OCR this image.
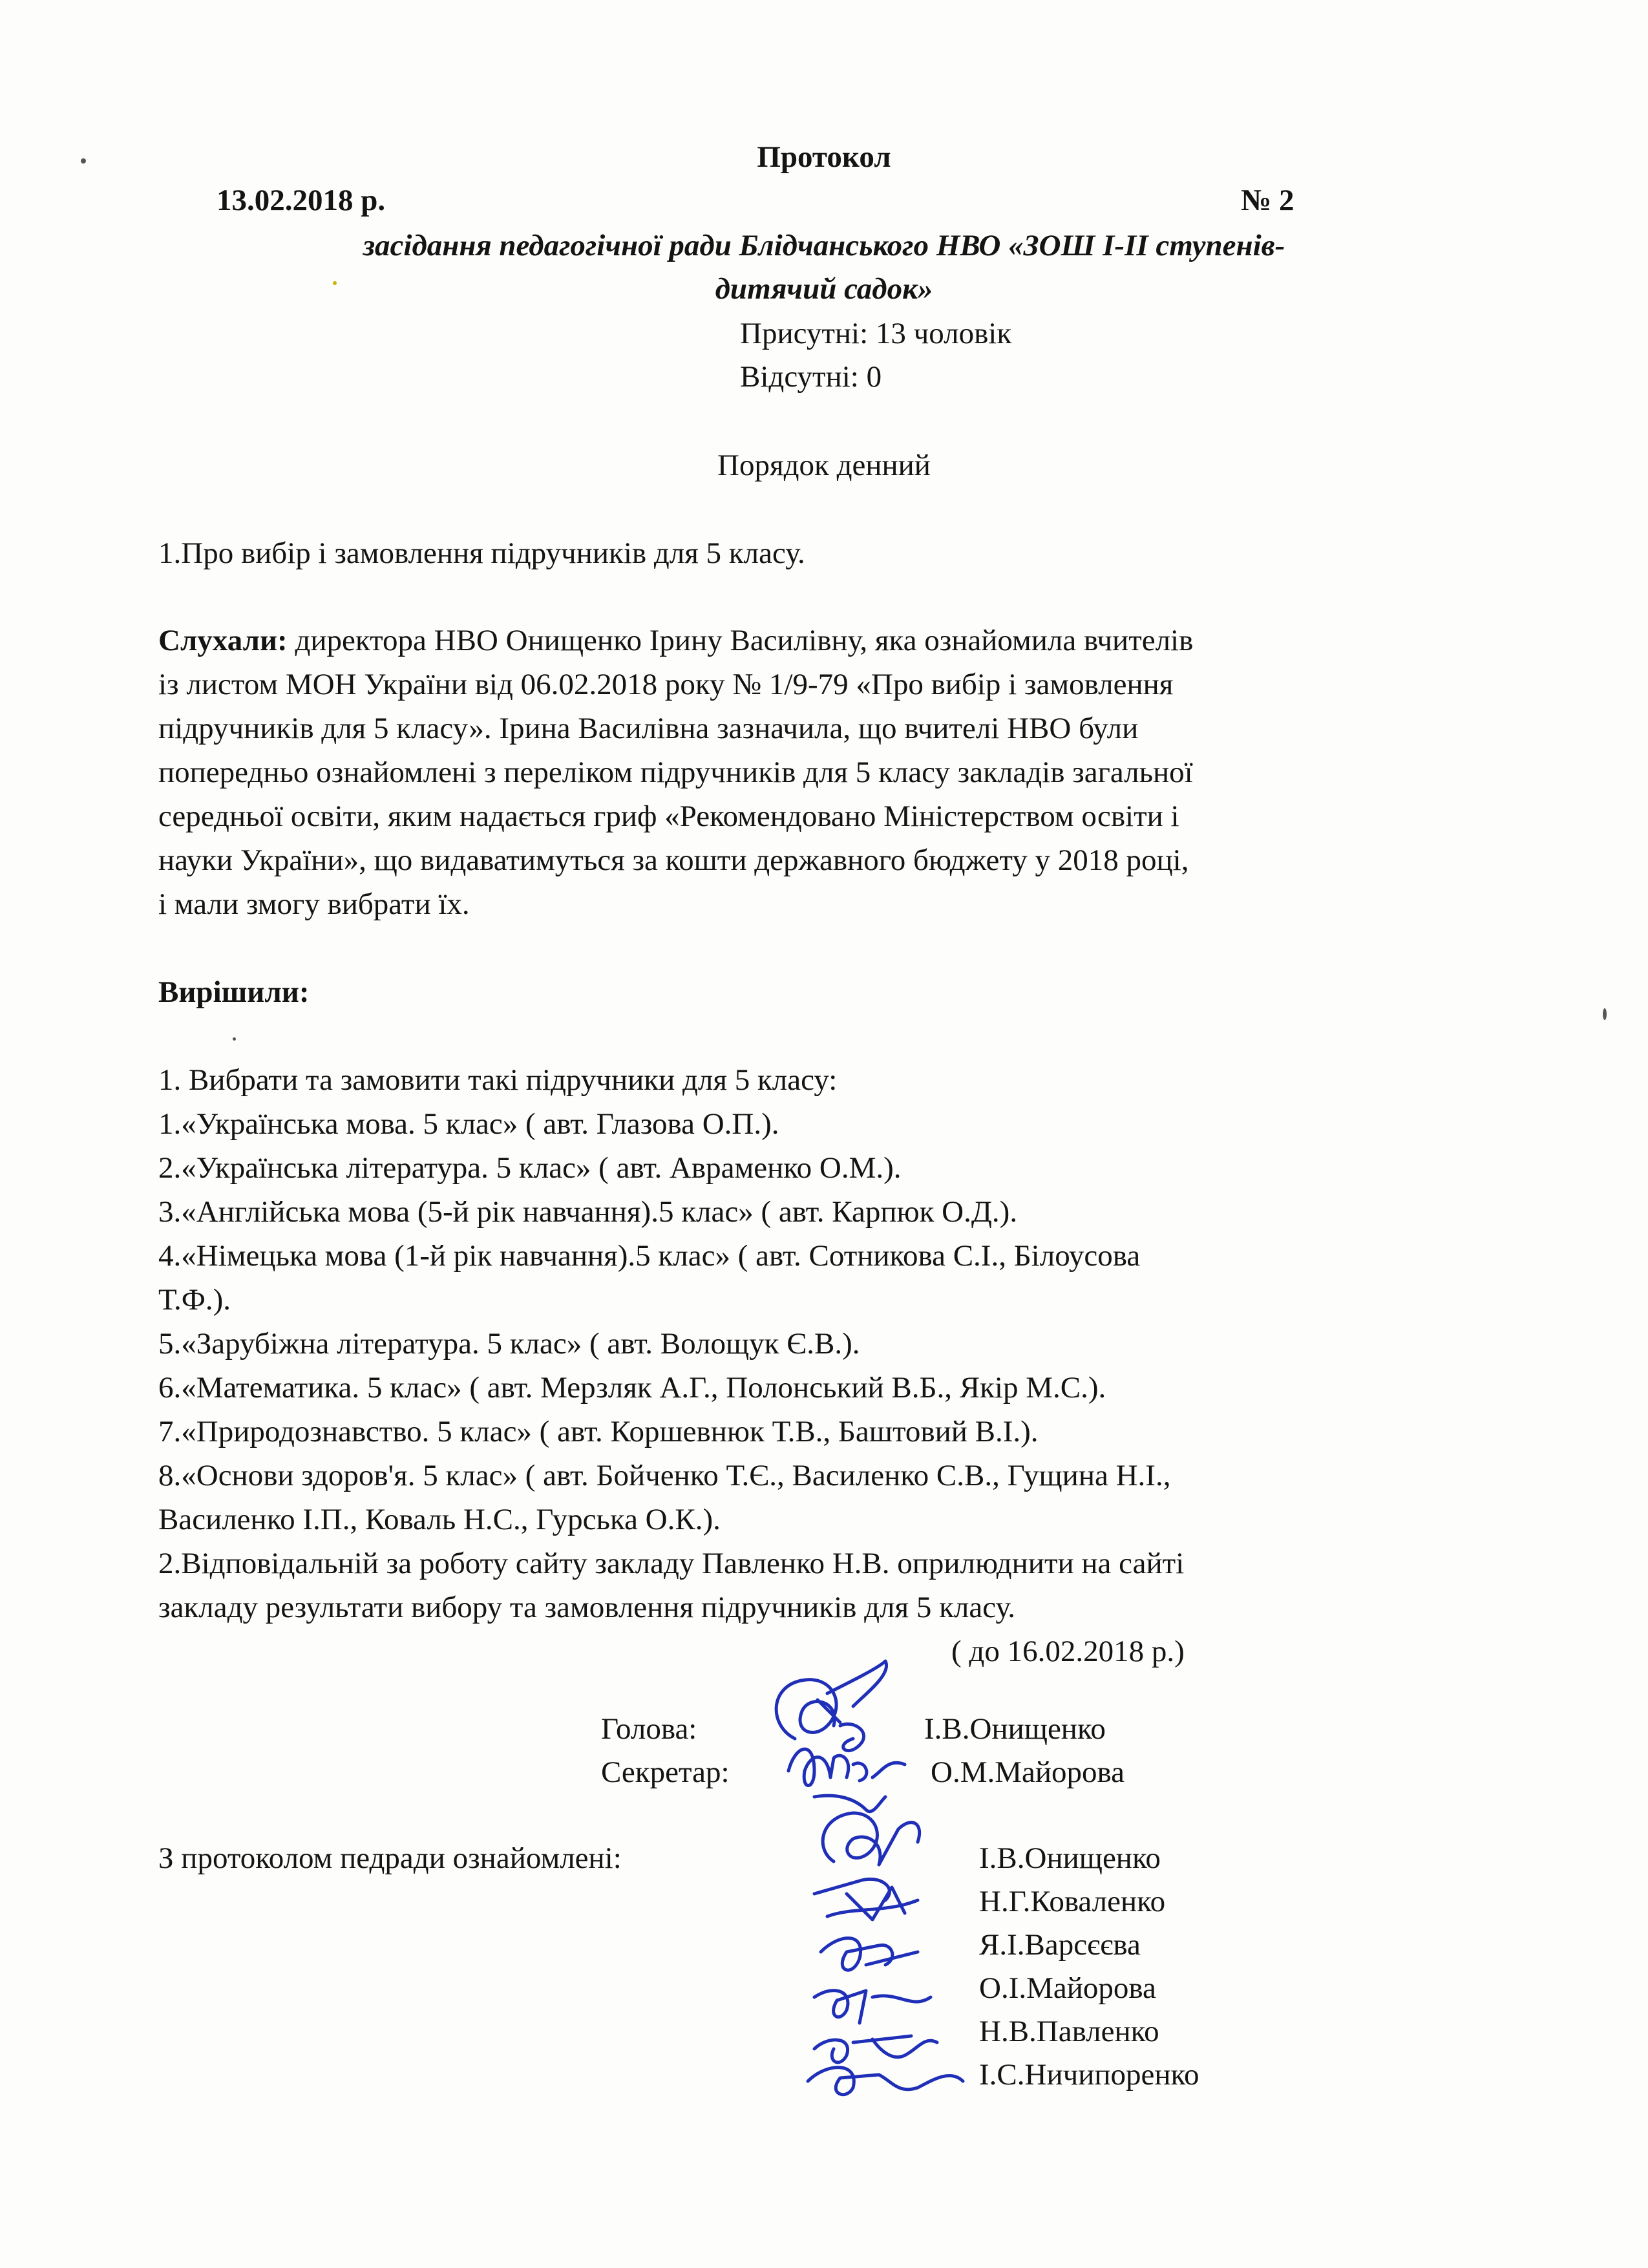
Протокол
13.02.2018 р.	№ 2
засідання педагогічної ради Блідчанського НВО «ЗОШ І-ІІ ступенів-
дитячий садок»
Присутні: 13 чоловік
Відсутні: 0
Порядок денний
1.Про вибір і замовлення підручників для 5 класу.
Слухали: директора НВО Онищенко Ірину Василівну, яка ознайомила вчителів
із листом МОН України від 06.02.2018 року № 1/9-79 «Про вибір і замовлення
підручників для 5 класу». Ірина Василівна зазначила, що вчителі НВО були
попередньо ознайомлені з переліком підручників для 5 класу закладів загальної
середньої освіти, яким надається гриф «Рекомендовано Міністерством освіти і
науки України», що видаватимуться за кошти державного бюджету у 2018 році,
і мали змогу вибрати їх.
Вирішили:
1. Вибрати та замовити такі підручники для 5 класу:
1.«Українська мова. 5 клас» ( авт. Глазова О.П.).
2.«Українська література. 5 клас» ( авт. Авраменко О.М.).
3.«Англійська мова (5-й рік навчання).5 клас» ( авт. Карпюк О.Д.).
4.«Німецька мова (1-й рік навчання).5 клас» ( авт. Сотникова С.І., Білоусова
Т.Ф.).
5.«Зарубіжна література. 5 клас» ( авт. Волощук Є.В.).
6.«Математика. 5 клас» ( авт. Мерзляк А.Г., Полонський В.Б., Якір М.С.).
7.«Природознавство. 5 клас» ( авт. Коршевнюк Т.В., Баштовий В.І.).
8.«Основи здоров'я. 5 клас» ( авт. Бойченко Т.Є., Василенко С.В., Гущина Н.І.,
Василенко І.П., Коваль Н.С., Гурська О.К.).
2.Відповідальній за роботу сайту закладу Павленко Н.В. оприлюднити на сайті
закладу результати вибору та замовлення підручників для 5 класу.
( до 16.02.2018 р.)
Голова:	І.В.Онищенко
Секретар:	О.М.Майорова
З протоколом педради ознайомлені:	І.В.Онищенко
Н.Г.Коваленко
Я.І.Варсєєва
О.І.Майорова
Н.В.Павленко
І.С.Ничипоренко
